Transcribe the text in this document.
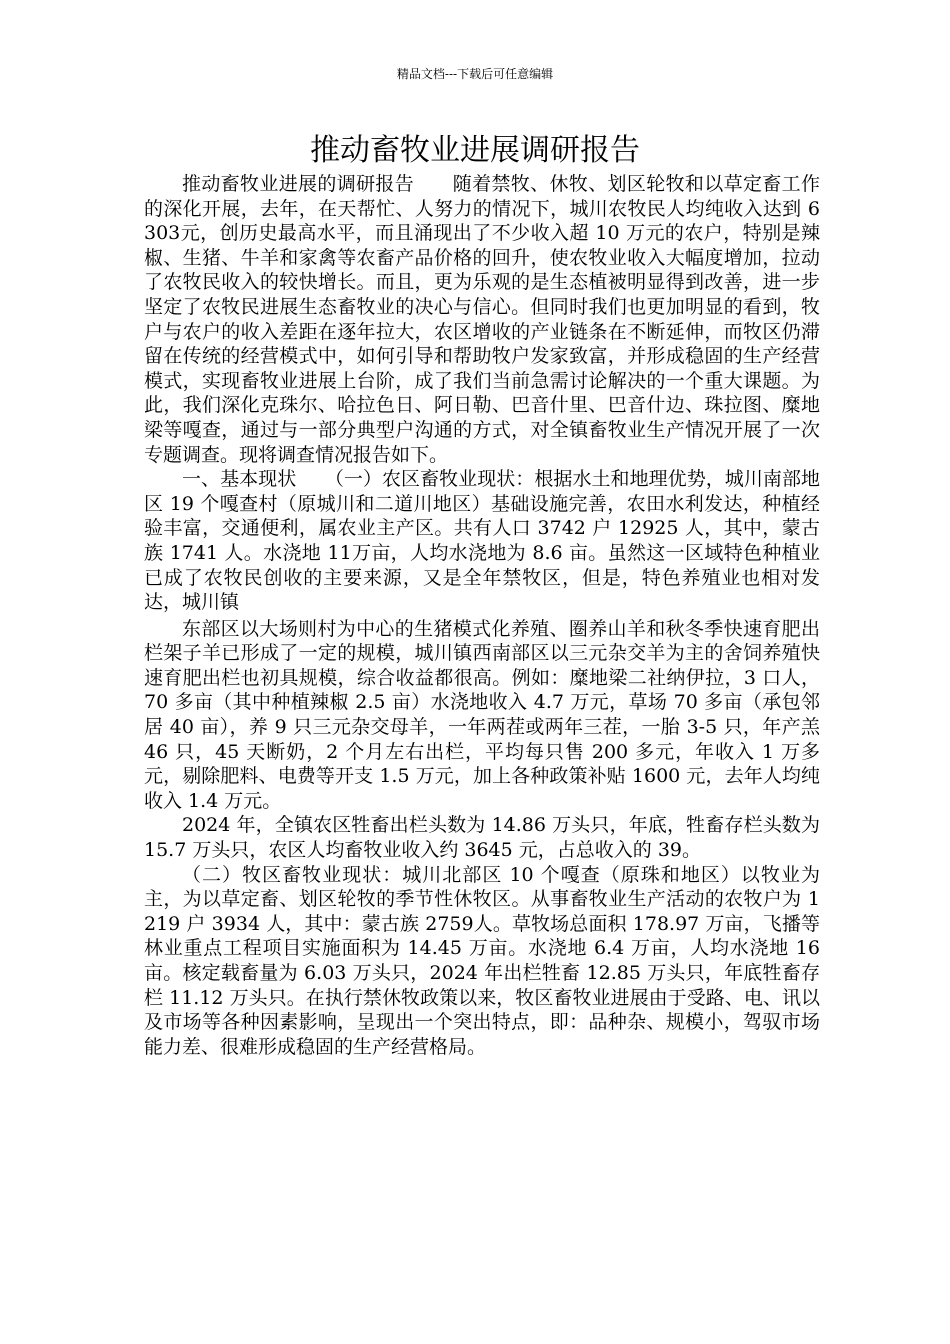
精品文档---下载后可任意编辑
推动畜牧业进展调研报告

推动畜牧业进展的调研报告　　随着禁牧、休牧、划区轮牧和以草定畜工作的深化开展，去年，在天帮忙、人努力的情况下，城川农牧民人均纯收入达到 6303元，创历史最高水平，而且涌现出了不少收入超 10 万元的农户，特别是辣椒、生猪、牛羊和家禽等农畜产品价格的回升，使农牧业收入大幅度增加，拉动了农牧民收入的较快增长。而且，更为乐观的是生态植被明显得到改善，进一步坚定了农牧民进展生态畜牧业的决心与信心。但同时我们也更加明显的看到，牧户与农户的收入差距在逐年拉大，农区增收的产业链条在不断延伸，而牧区仍滞留在传统的经营模式中，如何引导和帮助牧户发家致富，并形成稳固的生产经营模式，实现畜牧业进展上台阶，成了我们当前急需讨论解决的一个重大课题。为此，我们深化克珠尔、哈拉色日、阿日勒、巴音什里、巴音什边、珠拉图、糜地梁等嘎查，通过与一部分典型户沟通的方式，对全镇畜牧业生产情况开展了一次专题调查。现将调查情况报告如下。

一、基本现状　　（一）农区畜牧业现状：根据水土和地理优势，城川南部地区 19 个嘎查村（原城川和二道川地区）基础设施完善，农田水利发达，种植经验丰富，交通便利，属农业主产区。共有人口 3742 户 12925 人，其中，蒙古族 1741 人。水浇地 11万亩，人均水浇地为 8.6 亩。虽然这一区域特色种植业已成了农牧民创收的主要来源，又是全年禁牧区，但是，特色养殖业也相对发达，城川镇

东部区以大场则村为中心的生猪模式化养殖、圈养山羊和秋冬季快速育肥出栏架子羊已形成了一定的规模，城川镇西南部区以三元杂交羊为主的舍饲养殖快速育肥出栏也初具规模，综合收益都很高。例如：糜地梁二社纳伊拉，3 口人，70 多亩（其中种植辣椒 2.5 亩）水浇地收入 4.7 万元，草场 70 多亩（承包邻居 40 亩），养 9 只三元杂交母羊，一年两茬或两年三茬，一胎 3-5 只，年产羔 46 只，45 天断奶，2 个月左右出栏，平均每只售 200 多元，年收入 1 万多元，剔除肥料、电费等开支 1.5 万元，加上各种政策补贴 1600 元，去年人均纯收入 1.4 万元。

2024 年，全镇农区牲畜出栏头数为 14.86 万头只，年底，牲畜存栏头数为 15.7 万头只，农区人均畜牧业收入约 3645 元，占总收入的 39。

（二）牧区畜牧业现状：城川北部区 10 个嘎查（原珠和地区）以牧业为主，为以草定畜、划区轮牧的季节性休牧区。从事畜牧业生产活动的农牧户为 1219 户 3934 人，其中：蒙古族 2759人。草牧场总面积 178.97 万亩，飞播等林业重点工程项目实施面积为 14.45 万亩。水浇地 6.4 万亩，人均水浇地 16 亩。核定载畜量为 6.03 万头只，2024 年出栏牲畜 12.85 万头只，年底牲畜存栏 11.12 万头只。在执行禁休牧政策以来，牧区畜牧业进展由于受路、电、讯以及市场等各种因素影响，呈现出一个突出特点，即：品种杂、规模小，驾驭市场能力差、很难形成稳固的生产经营格局。
